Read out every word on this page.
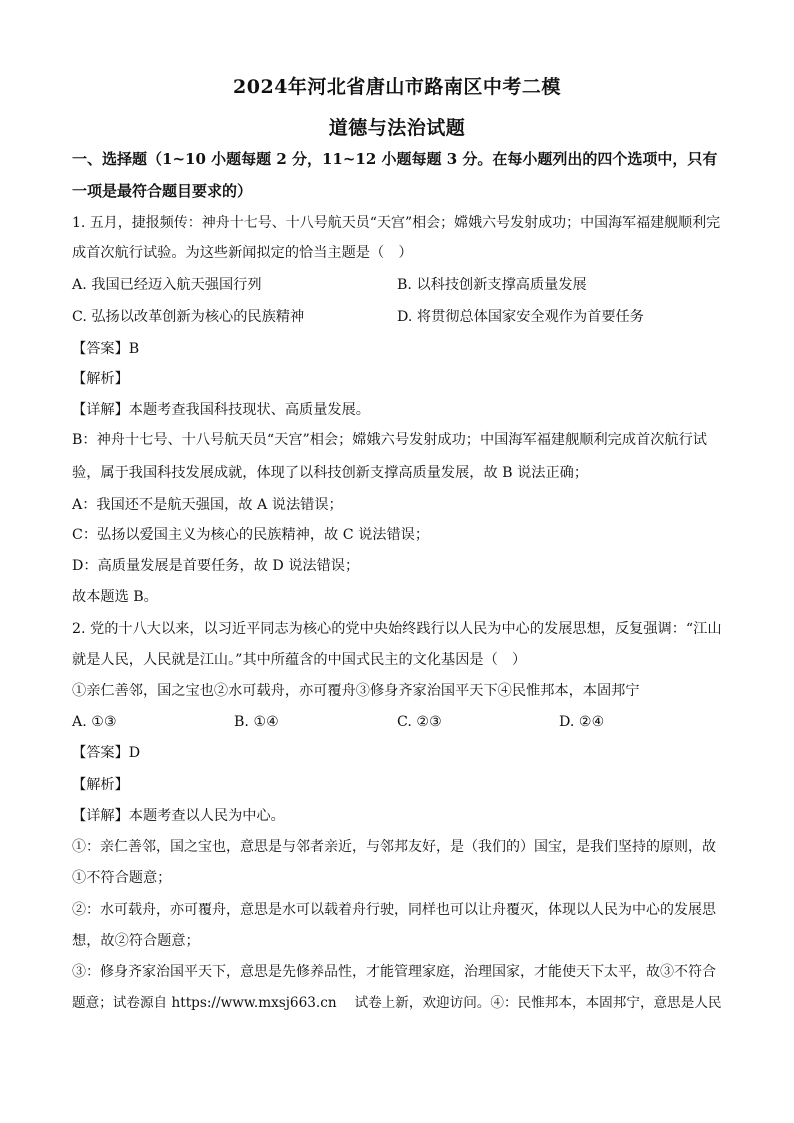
2024年河北省唐山市路南区中考二模
道德与法治试题
一、选择题（1~10 小题每题 2 分，11~12 小题每题 3 分。在每小题列出的四个选项中，只有
一项是最符合题目要求的）
1. 五月，捷报频传：神舟十七号、十八号航天员“天宫”相会；嫦娥六号发射成功；中国海军福建舰顺利完
成首次航行试验。为这些新闻拟定的恰当主题是（　）
A. 我国已经迈入航天强国行列	B. 以科技创新支撑高质量发展
C. 弘扬以改革创新为核心的民族精神	D. 将贯彻总体国家安全观作为首要任务
【答案】B
【解析】
【详解】本题考查我国科技现状、高质量发展。
B：神舟十七号、十八号航天员“天宫”相会；嫦娥六号发射成功；中国海军福建舰顺利完成首次航行试
验，属于我国科技发展成就，体现了以科技创新支撑高质量发展，故 B 说法正确；
A：我国还不是航天强国，故 A 说法错误；
C：弘扬以爱国主义为核心的民族精神，故 C 说法错误；
D：高质量发展是首要任务，故 D 说法错误；
故本题选 B。
2. 党的十八大以来，以习近平同志为核心的党中央始终践行以人民为中心的发展思想，反复强调：“江山
就是人民，人民就是江山。”其中所蕴含的中国式民主的文化基因是（　）
①亲仁善邻，国之宝也②水可载舟，亦可覆舟③修身齐家治国平天下④民惟邦本，本固邦宁
A. ①③	B. ①④	C. ②③	D. ②④
【答案】D
【解析】
【详解】本题考查以人民为中心。
①：亲仁善邻，国之宝也，意思是与邻者亲近，与邻邦友好，是（我们的）国宝，是我们坚持的原则，故
①不符合题意；
②：水可载舟，亦可覆舟，意思是水可以载着舟行驶，同样也可以让舟覆灭，体现以人民为中心的发展思
想，故②符合题意；
③：修身齐家治国平天下，意思是先修养品性，才能管理家庭，治理国家，才能使天下太平，故③不符合
题意；试卷源自 https://www.mxsj663.cn　 试卷上新，欢迎访问。④：民惟邦本，本固邦宁，意思是人民
